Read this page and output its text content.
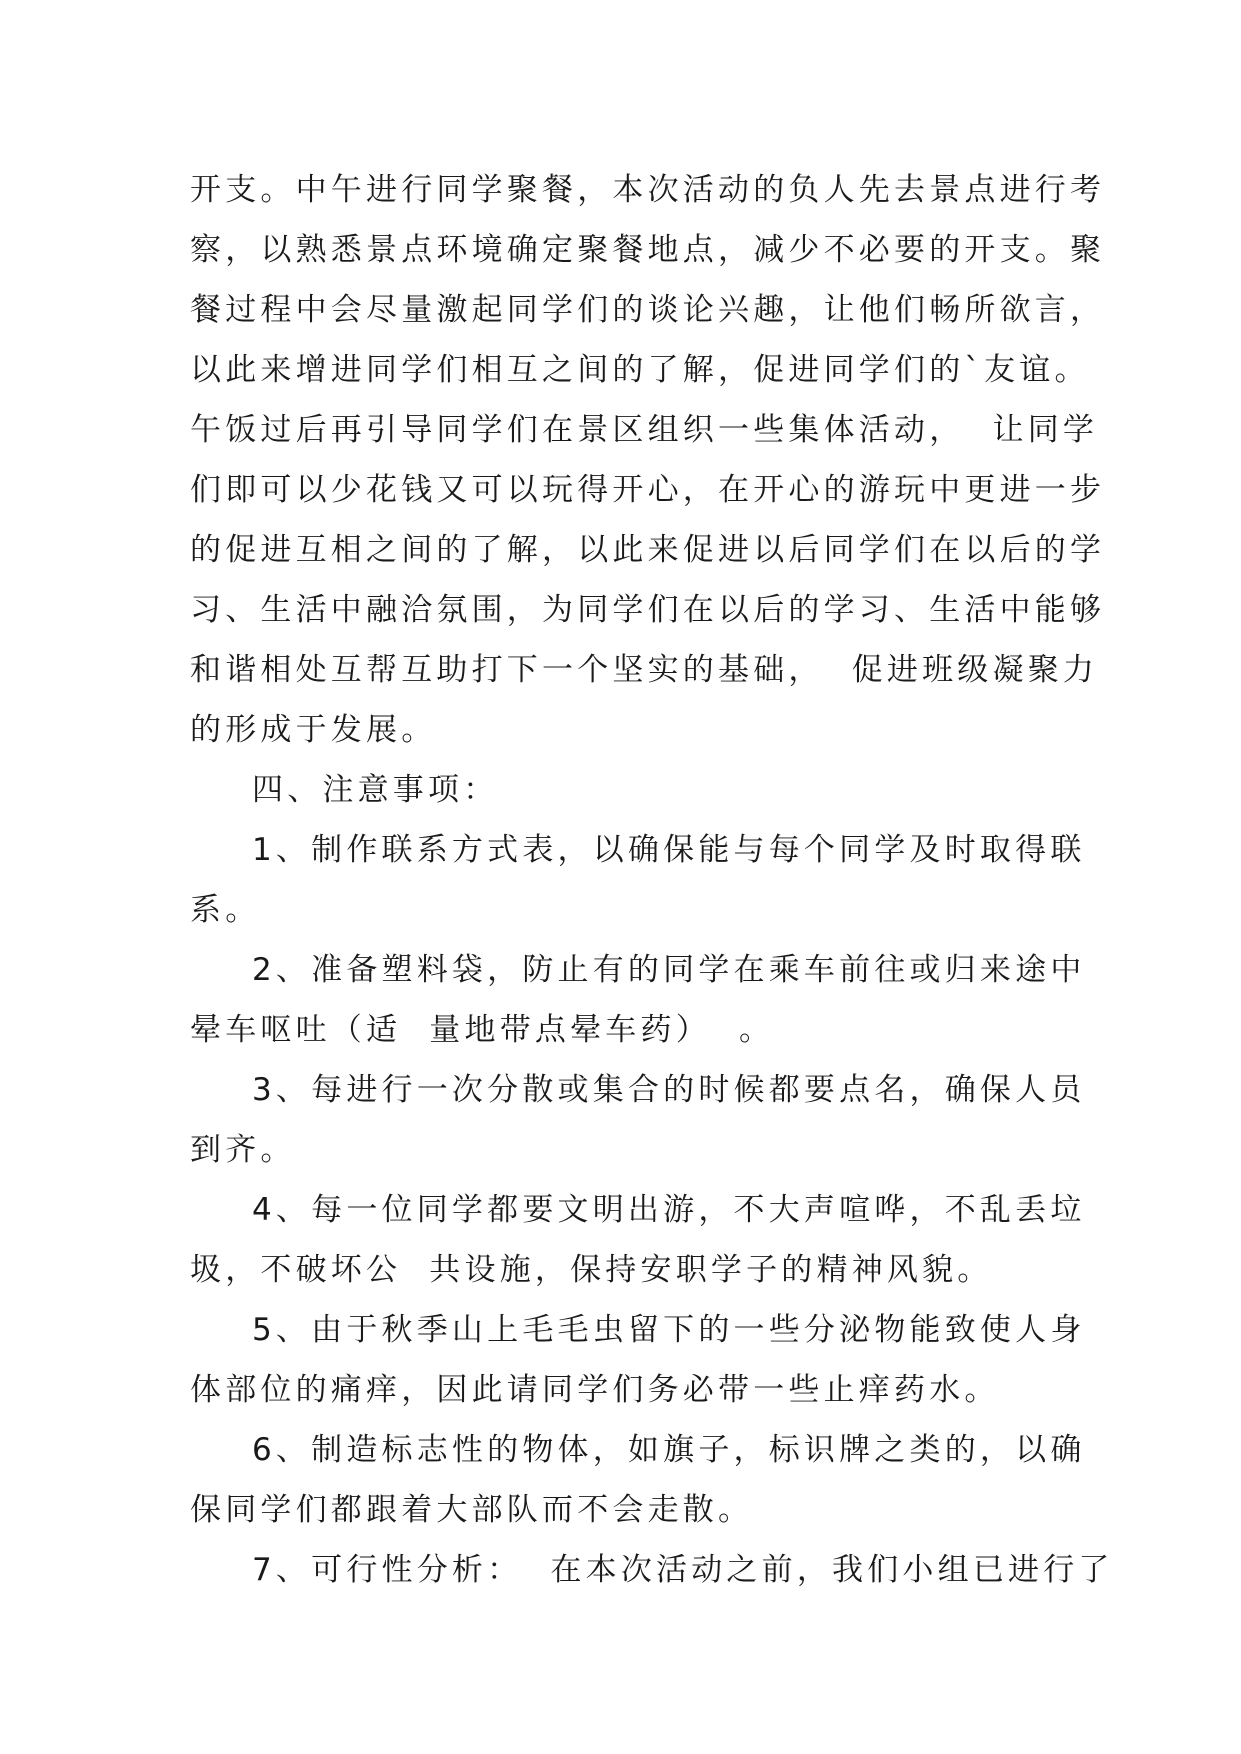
开支。中午进行同学聚餐，本次活动的负人先去景点进行考

察，以熟悉景点环境确定聚餐地点，减少不必要的开支。聚

餐过程中会尽量激起同学们的谈论兴趣，让他们畅所欲言，

以此来增进同学们相互之间的了解，促进同学们的`友谊。

午饭过后再引导同学们在景区组织一些集体活动，  让同学

们即可以少花钱又可以玩得开心，在开心的游玩中更进一步

的促进互相之间的了解，以此来促进以后同学们在以后的学

习、生活中融洽氛围，为同学们在以后的学习、生活中能够

和谐相处互帮互助打下一个坚实的基础，  促进班级凝聚力

的形成于发展。

四、注意事项：

1、制作联系方式表，以确保能与每个同学及时取得联

系。

2、准备塑料袋，防止有的同学在乘车前往或归来途中

晕车呕吐（适  量地带点晕车药）  。

3、每进行一次分散或集合的时候都要点名，确保人员

到齐。

4、每一位同学都要文明出游，不大声喧哗，不乱丢垃

圾，不破坏公  共设施，保持安职学子的精神风貌。

5、由于秋季山上毛毛虫留下的一些分泌物能致使人身

体部位的痛痒，因此请同学们务必带一些止痒药水。

6、制造标志性的物体，如旗子，标识牌之类的，以确

保同学们都跟着大部队而不会走散。

7、可行性分析：  在本次活动之前，我们小组已进行了
